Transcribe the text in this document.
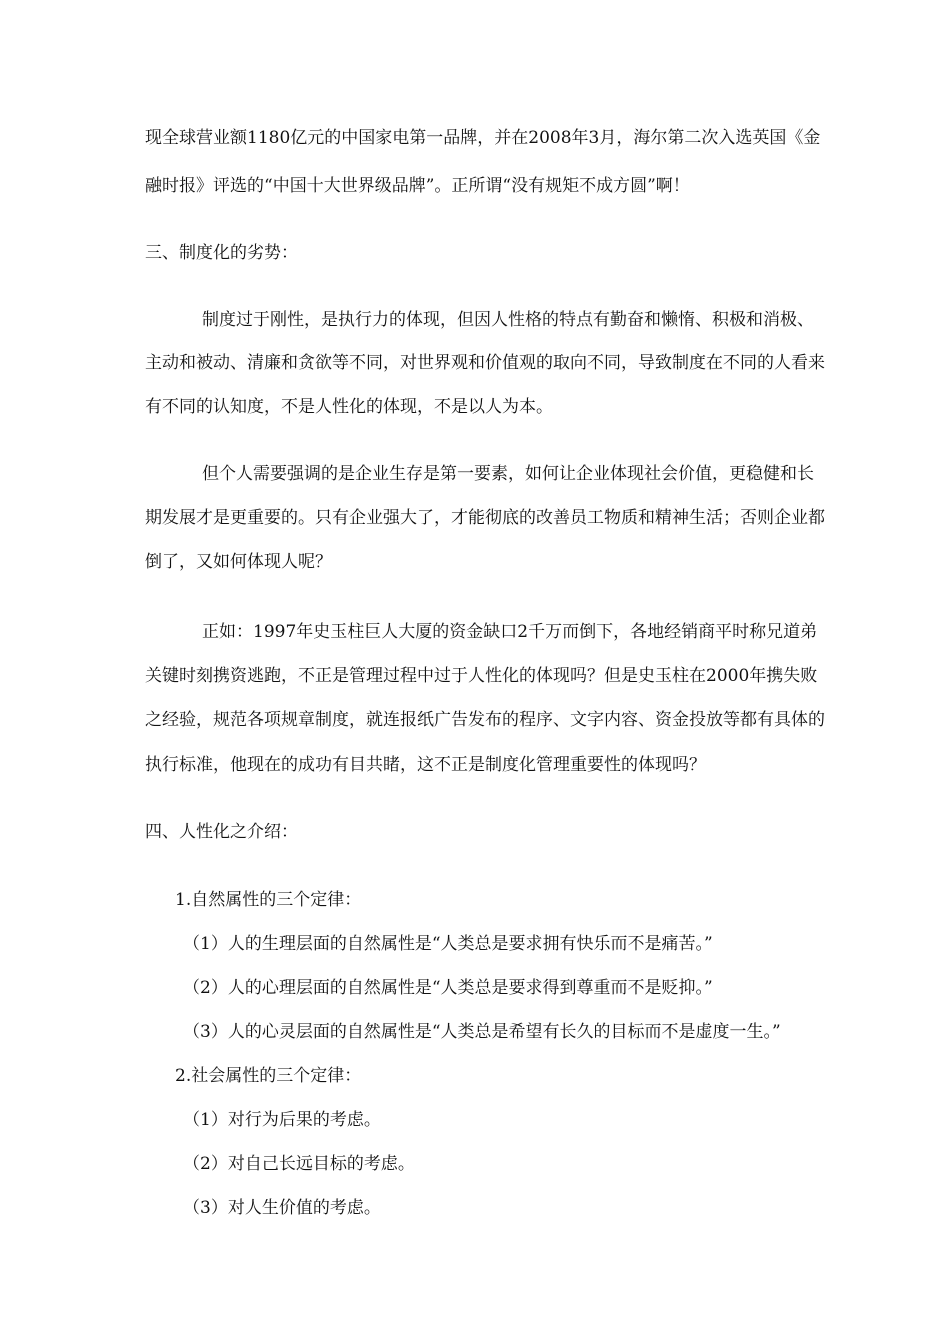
现全球营业额1180亿元的中国家电第一品牌，并在2008年3月，海尔第二次入选英国《金
融时报》评选的“中国十大世界级品牌”。正所谓“没有规矩不成方圆”啊！
三、制度化的劣势：
制度过于刚性，是执行力的体现，但因人性格的特点有勤奋和懒惰、积极和消极、
主动和被动、清廉和贪欲等不同，对世界观和价值观的取向不同，导致制度在不同的人看来
有不同的认知度，不是人性化的体现，不是以人为本。
但个人需要强调的是企业生存是第一要素，如何让企业体现社会价值，更稳健和长
期发展才是更重要的。只有企业强大了，才能彻底的改善员工物质和精神生活；否则企业都
倒了，又如何体现人呢？
正如：1997年史玉柱巨人大厦的资金缺口2千万而倒下，各地经销商平时称兄道弟
关键时刻携资逃跑，不正是管理过程中过于人性化的体现吗？但是史玉柱在2000年携失败
之经验，规范各项规章制度，就连报纸广告发布的程序、文字内容、资金投放等都有具体的
执行标准，他现在的成功有目共睹，这不正是制度化管理重要性的体现吗？
四、人性化之介绍：
1.自然属性的三个定律：
（1）人的生理层面的自然属性是“人类总是要求拥有快乐而不是痛苦。”
（2）人的心理层面的自然属性是“人类总是要求得到尊重而不是贬抑。”
（3）人的心灵层面的自然属性是“人类总是希望有长久的目标而不是虚度一生。”
2.社会属性的三个定律：
（1）对行为后果的考虑。
（2）对自己长远目标的考虑。
（3）对人生价值的考虑。
